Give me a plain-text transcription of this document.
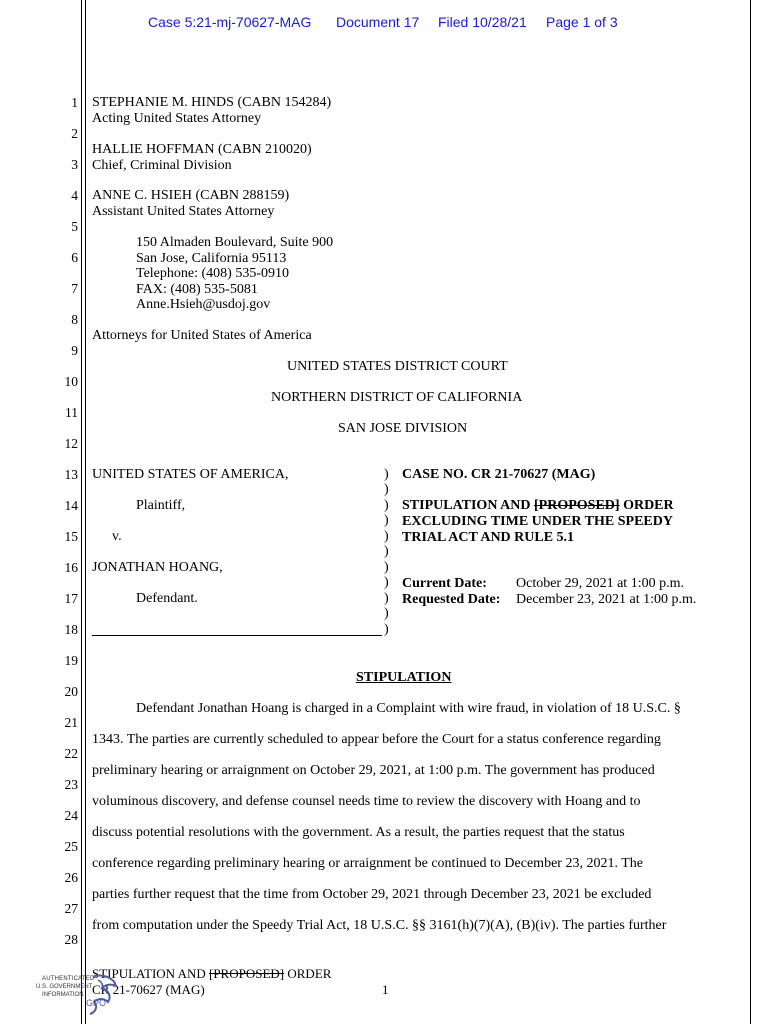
Case 5:21-mj-70627-MAG Document 17 Filed 10/28/21 Page 1 of 3
1
2
3
4
5
6
7
8
9
10
11
12
13
14
15
16
17
18
19
20
21
22
23
24
25
26
27
28
STEPHANIE M. HINDS (CABN 154284)
Acting United States Attorney
HALLIE HOFFMAN (CABN 210020)
Chief, Criminal Division
ANNE C. HSIEH (CABN 288159)
Assistant United States Attorney
150 Almaden Boulevard, Suite 900
San Jose, California 95113
Telephone: (408) 535-0910
FAX: (408) 535-5081
Anne.Hsieh@usdoj.gov
Attorneys for United States of America
UNITED STATES DISTRICT COURT
NORTHERN DISTRICT OF CALIFORNIA
SAN JOSE DIVISION
UNITED STATES OF AMERICA,
Plaintiff,
v.
JONATHAN HOANG,
Defendant.
)
)
)
)
)
)
)
)
)
)
)
CASE NO. CR 21-70627 (MAG)
STIPULATION AND [PROPOSED] ORDER
EXCLUDING TIME UNDER THE SPEEDY
TRIAL ACT AND RULE 5.1
Current Date: October 29, 2021 at 1:00 p.m.
Requested Date: December 23, 2021 at 1:00 p.m.
STIPULATION
Defendant Jonathan Hoang is charged in a Complaint with wire fraud, in violation of 18 U.S.C. §
1343. The parties are currently scheduled to appear before the Court for a status conference regarding
preliminary hearing or arraignment on October 29, 2021, at 1:00 p.m. The government has produced
voluminous discovery, and defense counsel needs time to review the discovery with Hoang and to
discuss potential resolutions with the government. As a result, the parties request that the status
conference regarding preliminary hearing or arraignment be continued to December 23, 2021. The
parties further request that the time from October 29, 2021 through December 23, 2021 be excluded
from computation under the Speedy Trial Act, 18 U.S.C. §§ 3161(h)(7)(A), (B)(iv). The parties further
STIPULATION AND [PROPOSED] ORDER
CR 21-70627 (MAG)	1
AUTHENTICATED
U.S. GOVERNMENT
INFORMATION
GPO
